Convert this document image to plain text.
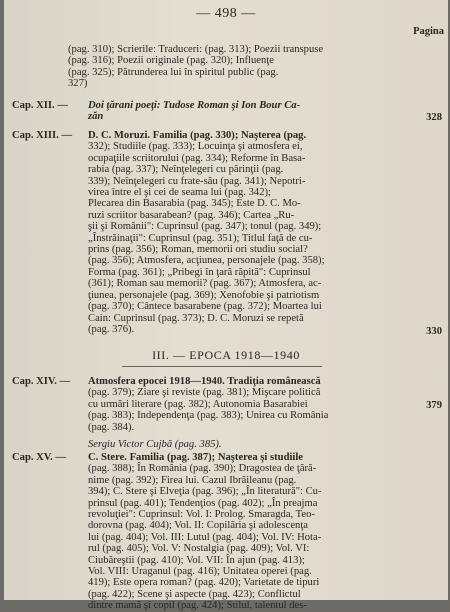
— 498 —
Pagina
(pag. 310); Scrierile: Traduceri: (pag. 313); Poezii transpuse
(pag. 316); Poezii originale (pag. 320); Influenţe
(pag. 325); Pătrunderea lui în spiritul public (pag.
327)
Cap. XII. — Doi ţărani poeţi: Tudose Roman şi Ion Bour Ca-
zăn	328
Cap. XIII. — D. C. Moruzi. Familia (pag. 330); Naşterea (pag.
332); Studiile (pag. 333); Locuinţa şi atmosfera ei,
ocupaţiile scriitorului (pag. 334); Reforme în Basa-
rabia (pag. 337); Neînţelegeri cu părinţii (pag.
339); Neînţelegeri cu frate-său (pag. 341); Nepotri-
virea între el şi cei de seama lui (pag. 342);
Plecarea din Basarabia (pag. 345); Este D. C. Mo-
ruzi scriitor basarabean? (pag. 346); Cartea „Ru-
şii şi Românii": Cuprinsul (pag. 347); tonul (pag. 349);
„Înstrăinaţii": Cuprinsul (pag. 351); Titlul faţă de cu-
prins (pag. 356); Roman, memorii ori studiu social?
(pag. 356); Atmosfera, acţiunea, personajele (pag. 358);
Forma (pag. 361); „Pribegi în ţară răpită": Cuprinsul
(361); Roman sau memorii? (pag. 367); Atmosfera, ac-
ţiunea, personajele (pag. 369); Xenofobie şi patriotism
(pag. 370); Cântece basarabene (pag. 372); Moartea lui
Cain: Cuprinsul (pag. 373); D. C. Moruzi se repetă
(pag. 376).	330
III. — EPOCA 1918—1940
Cap. XIV. — Atmosfera epocei 1918—1940. Tradiţia românească
(pag. 379); Ziare şi reviste (pag. 381); Mişcare politică
cu urmări literare (pag. 382); Autonomia Basarabiei
(pag. 383); Independenţa (pag. 383); Unirea cu România
(pag. 384).
Sergiu Victor Cujbă (pag. 385).
379
Cap. XV. — C. Stere. Familia (pag. 387); Naşterea şi studiile
(pag. 388); În România (pag. 390); Dragostea de ţără-
nime (pag. 392); Firea lui. Cazul Ibrăileanu (pag.
394); C. Stere şi Elveţia (pag. 396); „În literatură": Cu-
prinsul (pag. 401); Tendenţios (pag. 402); „În preajma
revoluţiei": Cuprinsul: Vol. I: Prolog. Smaragda, Teo-
dorovna (pag. 404); Vol. II: Copilăria şi adolescenţa
lui (pag. 404); Vol. III: Lutul (pag. 404); Vol. IV: Hota-
rul (pag. 405); Vol. V: Nostalgia (pag. 409); Vol. VI:
Ciubăreştii (pag. 410); Vol. VII: În ajun (pag. 413);
Vol. VIII: Uraganul (pag. 416); Unitatea operei (pag.
419); Este opera roman? (pag. 420); Varietate de tipuri
(pag. 422); Scene şi aspecte (pag. 423); Conflictul
dintre mamă şi copil (pag. 424); Stilul, talentul des-
